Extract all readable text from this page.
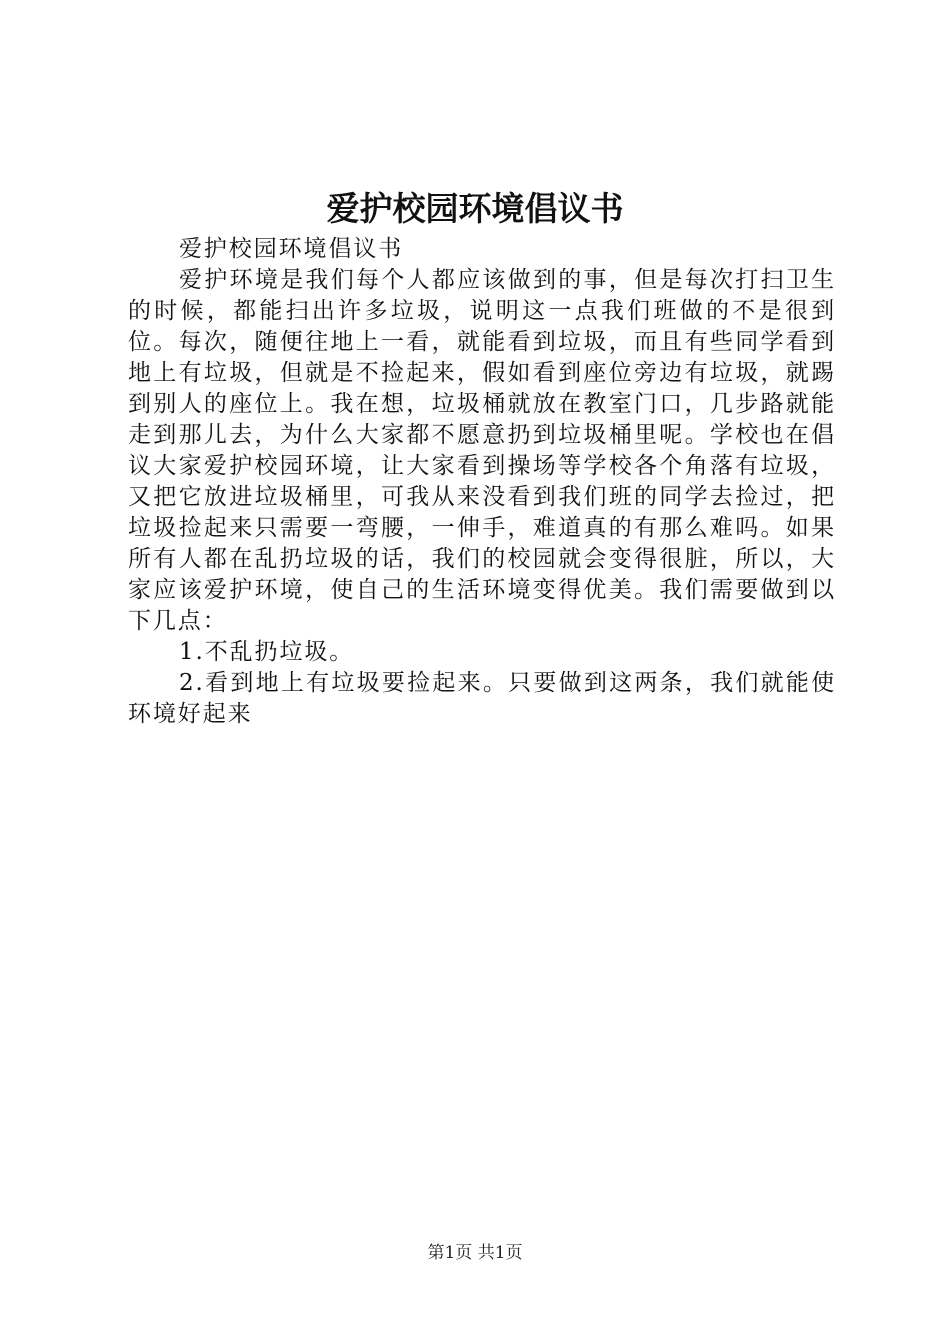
爱护校园环境倡议书

爱护校园环境倡议书

爱护环境是我们每个人都应该做到的事，但是每次打扫卫生的时候，都能扫出许多垃圾，说明这一点我们班做的不是很到位。每次，随便往地上一看，就能看到垃圾，而且有些同学看到地上有垃圾，但就是不捡起来，假如看到座位旁边有垃圾，就踢到别人的座位上。我在想，垃圾桶就放在教室门口，几步路就能走到那儿去，为什么大家都不愿意扔到垃圾桶里呢。学校也在倡议大家爱护校园环境，让大家看到操场等学校各个角落有垃圾，又把它放进垃圾桶里，可我从来没看到我们班的同学去捡过，把垃圾捡起来只需要一弯腰，一伸手，难道真的有那么难吗。如果所有人都在乱扔垃圾的话，我们的校园就会变得很脏，所以，大家应该爱护环境，使自己的生活环境变得优美。我们需要做到以下几点：

1.不乱扔垃圾。

2.看到地上有垃圾要捡起来。只要做到这两条，我们就能使环境好起来

第1页 共1页
